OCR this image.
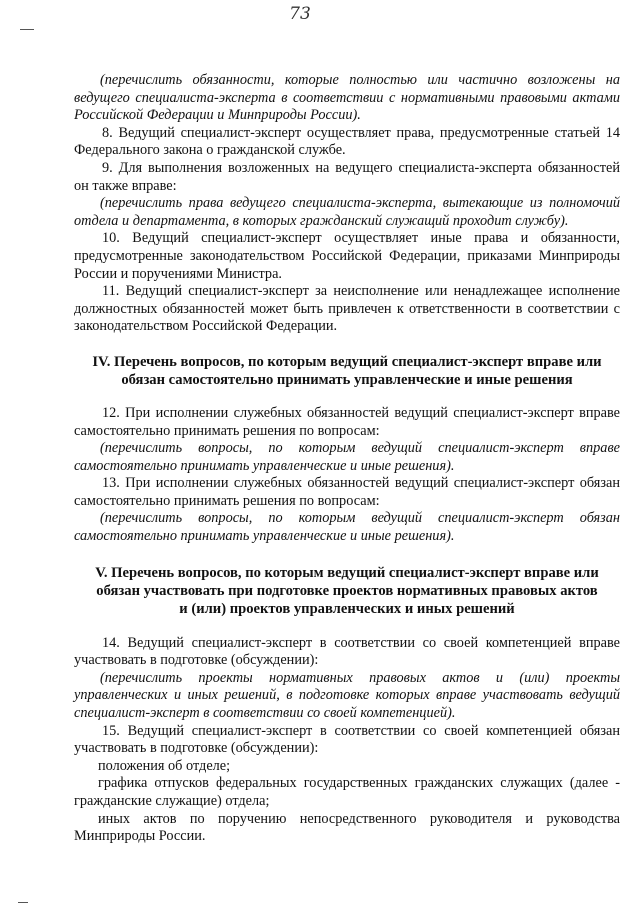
73

(перечислить обязанности, которые полностью или частично возложены на ведущего специалиста-эксперта в соответствии с нормативными правовыми актами Российской Федерации и Минприроды России).

8. Ведущий специалист-эксперт осуществляет права, предусмотренные статьей 14 Федерального закона о гражданской службе.

9. Для выполнения возложенных на ведущего специалиста-эксперта обязанностей он также вправе:

(перечислить права ведущего специалиста-эксперта, вытекающие из полномочий отдела и департамента, в которых гражданский служащий проходит службу).

10. Ведущий специалист-эксперт осуществляет иные права и обязанности, предусмотренные законодательством Российской Федерации, приказами Минприроды России и поручениями Министра.

11. Ведущий специалист-эксперт за неисполнение или ненадлежащее исполнение должностных обязанностей может быть привлечен к ответственности в соответствии с законодательством Российской Федерации.

IV. Перечень вопросов, по которым ведущий специалист-эксперт вправе или
обязан самостоятельно принимать управленческие и иные решения

12. При исполнении служебных обязанностей ведущий специалист-эксперт вправе самостоятельно принимать решения по вопросам:

(перечислить вопросы, по которым ведущий специалист-эксперт вправе самостоятельно принимать управленческие и иные решения).

13. При исполнении служебных обязанностей ведущий специалист-эксперт обязан самостоятельно принимать решения по вопросам:

(перечислить вопросы, по которым ведущий специалист-эксперт обязан самостоятельно принимать управленческие и иные решения).

V. Перечень вопросов, по которым ведущий специалист-эксперт вправе или
обязан участвовать при подготовке проектов нормативных правовых актов
и (или) проектов управленческих и иных решений

14. Ведущий специалист-эксперт в соответствии со своей компетенцией вправе участвовать в подготовке (обсуждении):

(перечислить проекты нормативных правовых актов и (или) проекты управленческих и иных решений, в подготовке которых вправе участвовать ведущий специалист-эксперт в соответствии со своей компетенцией).

15. Ведущий специалист-эксперт в соответствии со своей компетенцией обязан участвовать в подготовке (обсуждении):

положения об отделе;

графика отпусков федеральных государственных гражданских служащих (далее - гражданские служащие) отдела;

иных актов по поручению непосредственного руководителя и руководства Минприроды России.
